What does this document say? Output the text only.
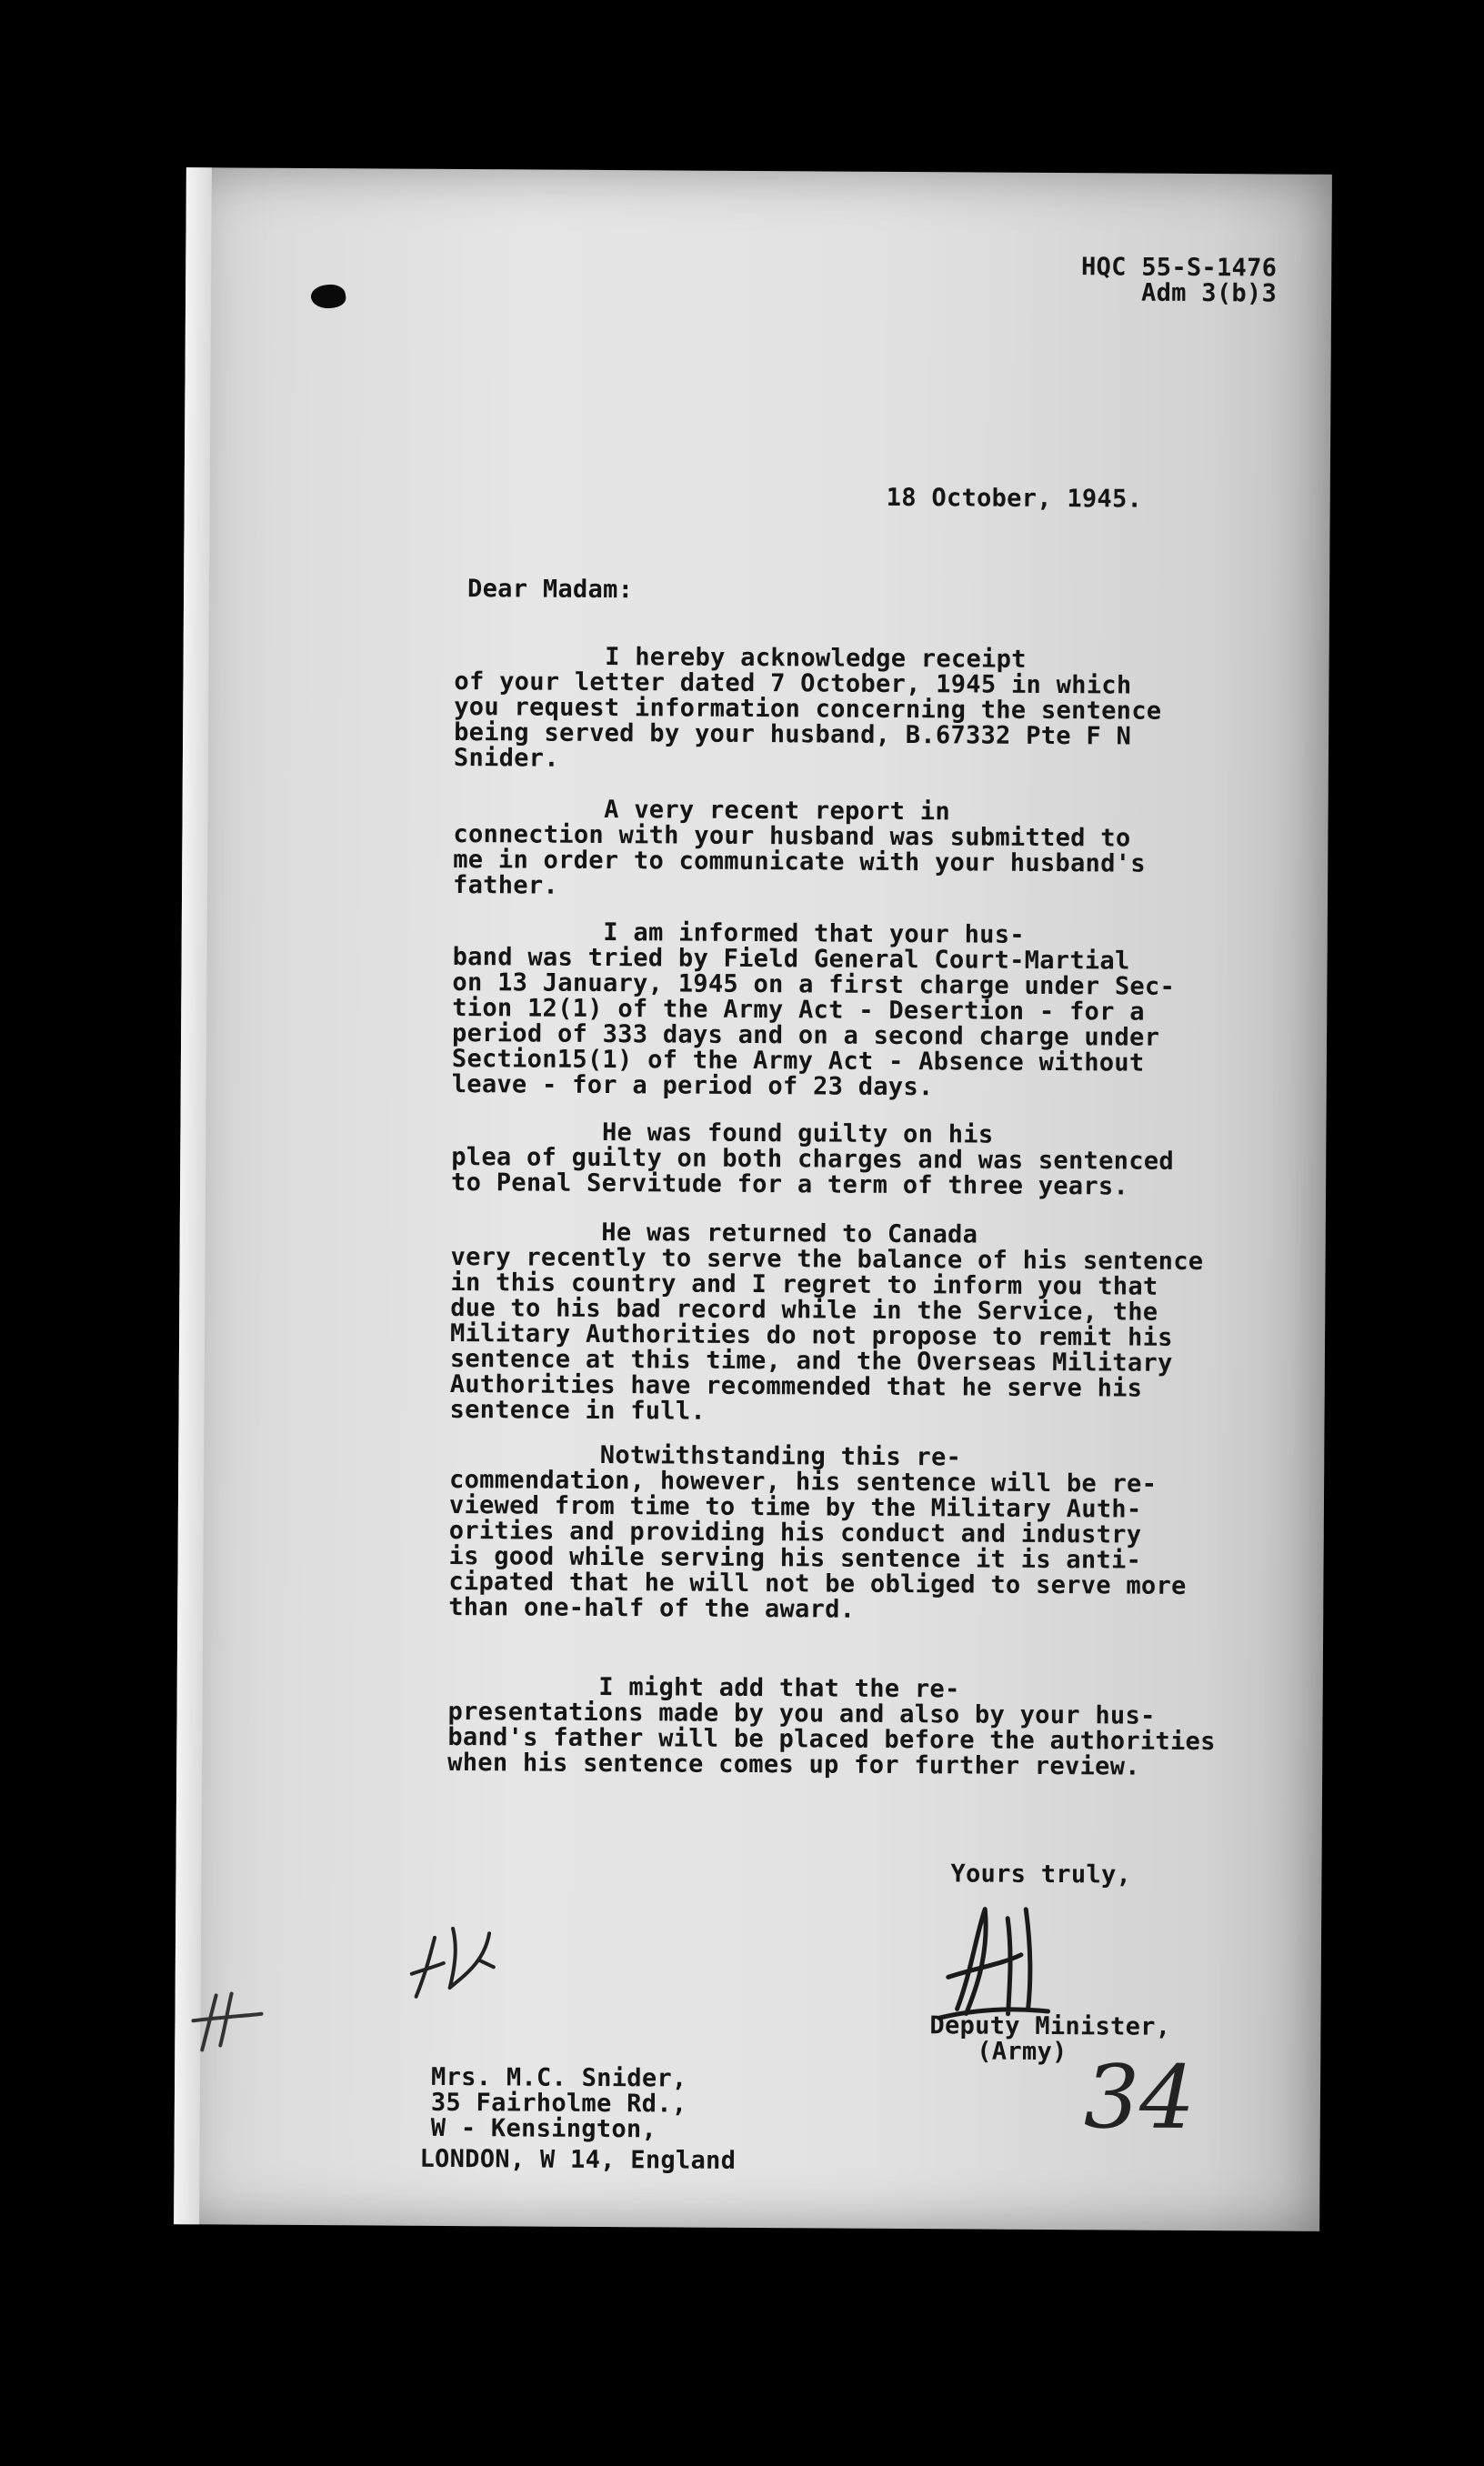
HQC 55-S-1476
Adm 3(b)3
18 October, 1945.
Dear Madam:
I hereby acknowledge receipt
of your letter dated 7 October, 1945 in which
you request information concerning the sentence
being served by your husband, B.67332 Pte F N
Snider.
A very recent report in
connection with your husband was submitted to
me in order to communicate with your husband's
father.
I am informed that your hus-
band was tried by Field General Court-Martial
on 13 January, 1945 on a first charge under Sec-
tion 12(1) of the Army Act - Desertion - for a
period of 333 days and on a second charge under
Section15(1) of the Army Act - Absence without
leave - for a period of 23 days.
He was found guilty on his
plea of guilty on both charges and was sentenced
to Penal Servitude for a term of three years.
He was returned to Canada
very recently to serve the balance of his sentence
in this country and I regret to inform you that
due to his bad record while in the Service, the
Military Authorities do not propose to remit his
sentence at this time, and the Overseas Military
Authorities have recommended that he serve his
sentence in full.
Notwithstanding this re-
commendation, however, his sentence will be re-
viewed from time to time by the Military Auth-
orities and providing his conduct and industry
is good while serving his sentence it is anti-
cipated that he will not be obliged to serve more
than one-half of the award.
I might add that the re-
presentations made by you and also by your hus-
band's father will be placed before the authorities
when his sentence comes up for further review.
Yours truly,
Deputy Minister,
(Army)
Mrs. M.C. Snider,
35 Fairholme Rd.,
W - Kensington,
LONDON, W 14, England
34
